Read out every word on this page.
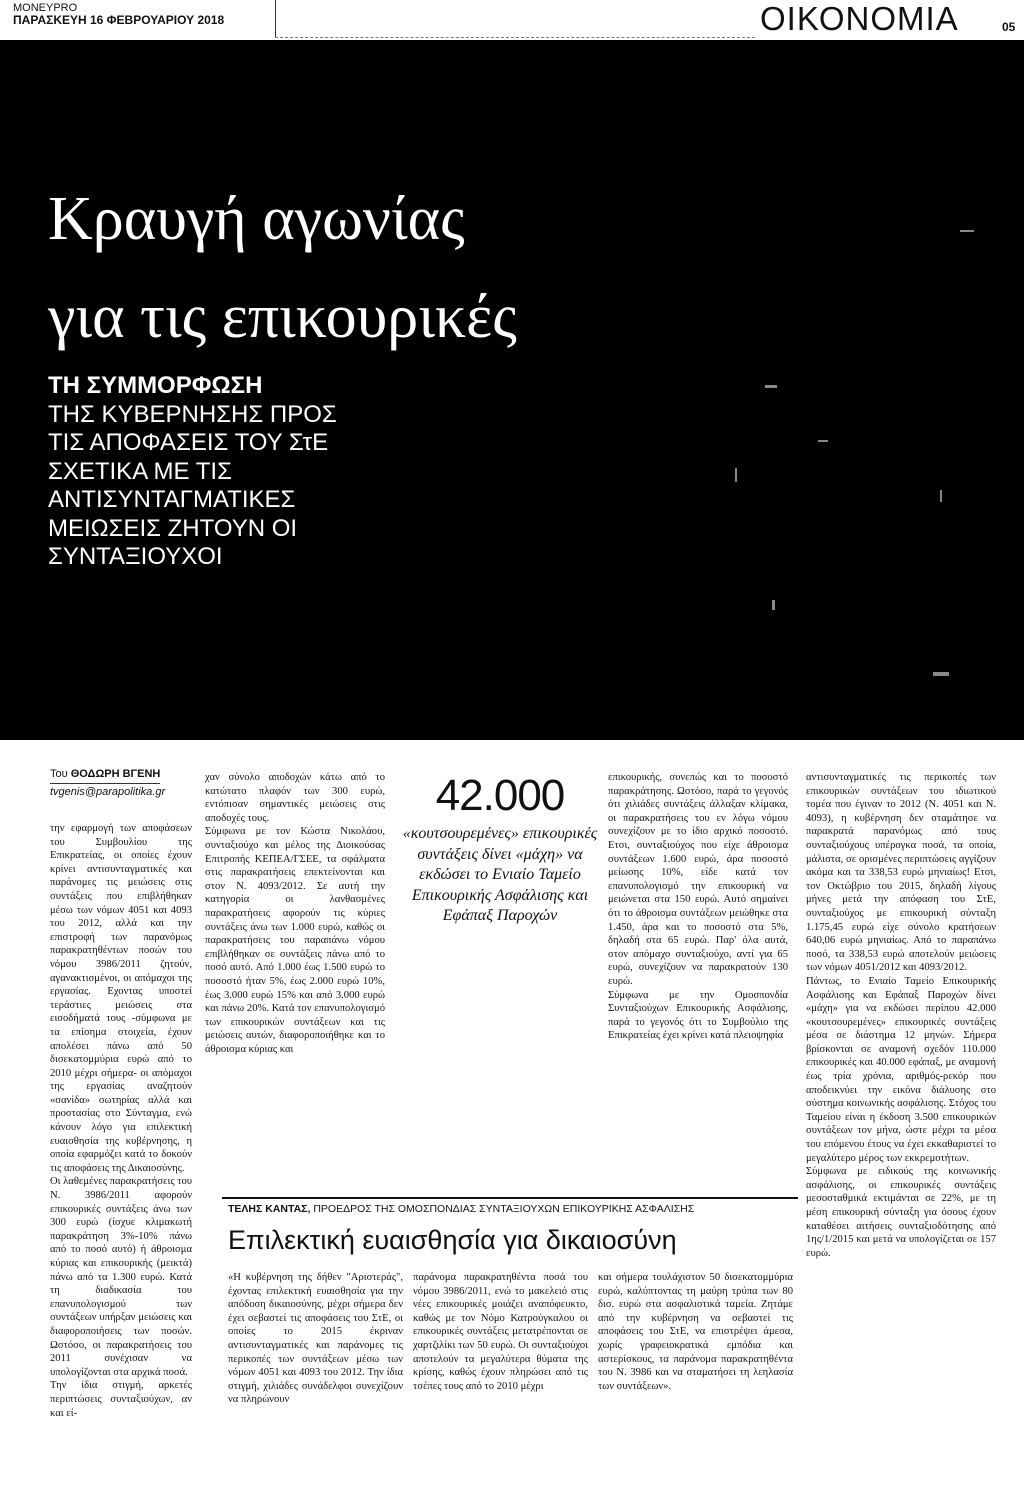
MONEYPRO
ΠΑΡΑΣΚΕΥΗ 16 ΦΕΒΡΟΥΑΡΙΟΥ 2018	ΟΙΚΟΝΟΜΙΑ	05
Κραυγή αγωνίας
για τις επικουρικές
ΤΗ ΣΥΜΜΟΡΦΩΣΗ
ΤΗΣ ΚΥΒΕΡΝΗΣΗΣ ΠΡΟΣ ΤΙΣ ΑΠΟΦΑΣΕΙΣ ΤΟΥ ΣτΕ ΣΧΕΤΙΚΑ ΜΕ ΤΙΣ ΑΝΤΙΣΥΝΤΑΓΜΑΤΙΚΕΣ ΜΕΙΩΣΕΙΣ ΖΗΤΟΥΝ ΟΙ ΣΥΝΤΑΞΙΟΥΧΟΙ
Του ΘΟΔΩΡΗ ΒΓΕΝΗ
tvgenis@parapolitika.gr

την εφαρμογή των αποφάσεων του Συμβουλίου της Επικρατείας, οι οποίες έχουν κρίνει αντισυνταγματικές και παράνομες τις μειώσεις στις συντάξεις που επιβλήθηκαν μέσω των νόμων 4051 και 4093 του 2012, αλλά και την επιστροφή των παρανόμως παρακρατηθέντων ποσών του νόμου 3986/2011 ζητούν, αγανακτισμένοι, οι απόμαχοι της εργασίας. Εχοντας υποστεί τεράστιες μειώσεις στα εισοδήματά τους -σύμφωνα με τα επίσημα στοιχεία, έχουν απολέσει πάνω από 50 δισεκατομμύρια ευρώ από το 2010 μέχρι σήμερα- οι απόμαχοι της εργασίας αναζητούν «σανίδα» σωτηρίας αλλά και προστασίας στο Σύνταγμα, ενώ κάνουν λόγο για επιλεκτική ευαισθησία της κυβέρνησης, η οποία εφαρμόζει κατά το δοκούν τις αποφάσεις της Δικαιοσύνης.

Οι λαθεμένες παρακρατήσεις του Ν. 3986/2011 αφορούν επικουρικές συντάξεις άνω των 300 ευρώ (ίσχυε κλιμακωτή παρακράτηση 3%-10% πάνω από το ποσό αυτό) ή άθροισμα κύριας και επικουρικής (μεικτά) πάνω από τα 1.300 ευρώ. Κατά τη διαδικασία του επανυπολογισμού των συντάξεων υπήρξαν μειώσεις και διαφοροποιήσεις των ποσών. Ωστόσο, οι παρακρατήσεις του 2011 συνέχισαν να υπολογίζονται στα αρχικά ποσά.

Την ίδια στιγμή, αρκετές περιπτώσεις συνταξιούχων, αν και εί-

χαν σύνολο αποδοχών κάτω από το κατώτατο πλαφόν των 300 ευρώ, εντόπισαν σημαντικές μειώσεις στις αποδοχές τους.

Σύμφωνα με τον Κώστα Νικολάου, συνταξιούχο και μέλος της Διοικούσας Επιτροπής ΚΕΠΕΑ/ΓΣΕΕ, τα σφάλματα στις παρακρατήσεις επεκτείνονται και στον Ν. 4093/2012. Σε αυτή την κατηγορία οι λανθασμένες παρακρατήσεις αφορούν τις κύριες συντάξεις άνω των 1.000 ευρώ, καθώς οι παρακρατήσεις του παραπάνω νόμου επιβλήθηκαν σε συντάξεις πάνω από το ποσό αυτό. Από 1.000 έως 1.500 ευρώ το ποσοστό ήταν 5%, έως 2.000 ευρώ 10%, έως 3.000 ευρώ 15% και από 3.000 ευρώ και πάνω 20%. Κατά τον επανυπολογισμό των επικουρικών συντάξεων και τις μειώσεις αυτών, διαφοροποιήθηκε και το άθροισμα κύριας και

42.000
«κουτσουρεμένες» επικουρικές συντάξεις δίνει «μάχη» να εκδώσει το Ενιαίο Ταμείο Επικουρικής Ασφάλισης και Εφάπαξ Παροχών

επικουρικής, συνεπώς και το ποσοστό παρακράτησης. Ωστόσο, παρά το γεγονός ότι χιλιάδες συντάξεις άλλαξαν κλίμακα, οι παρακρατήσεις του εν λόγω νόμου συνεχίζουν με το ίδιο αρχικό ποσοστό. Ετσι, συνταξιούχος που είχε άθροισμα συντάξεων 1.600 ευρώ, άρα ποσοστό μείωσης 10%, είδε κατά τον επανυπολογισμό την επικουρική να μειώνεται στα 150 ευρώ. Αυτό σημαίνει ότι το άθροισμα συντάξεων μειώθηκε στα 1.450, άρα και το ποσοστό στα 5%, δηλαδή στα 65 ευρώ. Παρ' όλα αυτά, στον απόμαχο συνταξιούχο, αντί για 65 ευρώ, συνεχίζουν να παρακρατούν 130 ευρώ.

Σύμφωνα με την Ομοσπονδία Συνταξιούχων Επικουρικής Ασφάλισης, παρά το γεγονός ότι το Συμβούλιο της Επικρατείας έχει κρίνει κατά πλειοψηφία

αντισυνταγματικές τις περικοπές των επικουρικών συντάξεων του ιδιωτικού τομέα που έγιναν το 2012 (Ν. 4051 και Ν. 4093), η κυβέρνηση δεν σταμάτησε να παρακρατά παρανόμως από τους συνταξιούχους υπέρογκα ποσά, τα οποία, μάλιστα, σε ορισμένες περιπτώσεις αγγίζουν ακόμα και τα 338,53 ευρώ μηνιαίως! Ετσι, τον Οκτώβριο του 2015, δηλαδή λίγους μήνες μετά την απόφαση του ΣτΕ, συνταξιούχος με επικουρική σύνταξη 1.175,45 ευρώ είχε σύνολο κρατήσεων 640,06 ευρώ μηνιαίως. Από το παραπάνω ποσό, τα 338,53 ευρώ αποτελούν μειώσεις των νόμων 4051/2012 και 4093/2012.

Πάντως, το Ενιαίο Ταμείο Επικουρικής Ασφάλισης και Εφάπαξ Παροχών δίνει «μάχη» για να εκδώσει περίπου 42.000 «κουτσουρεμένες» επικουρικές συντάξεις μέσα σε διάστημα 12 μηνών. Σήμερα βρίσκονται σε αναμονή σχεδόν 110.000 επικουρικές και 40.000 εφάπαξ, με αναμονή έως τρία χρόνια, αριθμός-ρεκόρ που αποδεικνύει την εικόνα διάλυσης στο σύστημα κοινωνικής ασφάλισης. Στόχος του Ταμείου είναι η έκδοση 3.500 επικουρικών συντάξεων τον μήνα, ώστε μέχρι τα μέσα του επόμενου έτους να έχει εκκαθαριστεί το μεγαλύτερο μέρος των εκκρεμοτήτων.

Σύμφωνα με ειδικούς της κοινωνικής ασφάλισης, οι επικουρικές συντάξεις μεσοσταθμικά εκτιμάνται σε 22%, με τη μέση επικουρική σύνταξη για όσους έχουν καταθέσει αιτήσεις συνταξιοδότησης από 1ης/1/2015 και μετά να υπολογίζεται σε 157 ευρώ.

ΤΕΛΗΣ ΚΑΝΤΑΣ, ΠΡΟΕΔΡΟΣ ΤΗΣ ΟΜΟΣΠΟΝΔΙΑΣ ΣΥΝΤΑΞΙΟΥΧΩΝ ΕΠΙΚΟΥΡΙΚΗΣ ΑΣΦΑΛΙΣΗΣ
Επιλεκτική ευαισθησία για δικαιοσύνη

«Η κυβέρνηση της δήθεν "Αριστεράς", έχοντας επιλεκτική ευαισθησία για την απόδοση δικαιοσύνης, μέχρι σήμερα δεν έχει σεβαστεί τις αποφάσεις του ΣτΕ, οι οποίες το 2015 έκριναν αντισυνταγματικές και παράνομες τις περικοπές των συντάξεων μέσω των νόμων 4051 και 4093 του 2012. Την ίδια στιγμή, χιλιάδες συνάδελφοι συνεχίζουν να πληρώνουν

παράνομα παρακρατηθέντα ποσά του νόμου 3986/2011, ενώ το μακελειό στις νέες επικουρικές μοιάζει αναπόφευκτο, καθώς με τον Νόμο Κατρούγκαλου οι επικουρικές συντάξεις μετατρέπονται σε χαρτζιλίκι των 50 ευρώ. Οι συνταξιούχοι αποτελούν τα μεγαλύτερα θύματα της κρίσης, καθώς έχουν πληρώσει από τις τσέπες τους από το 2010 μέχρι

και σήμερα τουλάχιστον 50 δισεκατομμύρια ευρώ, καλύπτοντας τη μαύρη τρύπα των 80 δισ. ευρώ στα ασφαλιστικά ταμεία. Ζητάμε από την κυβέρνηση να σεβαστεί τις αποφάσεις του ΣτΕ, να επιστρέψει άμεσα, χωρίς γραφειοκρατικά εμπόδια και αστερίσκους, τα παράνομα παρακρατηθέντα του Ν. 3986 και να σταματήσει τη λεηλασία των συντάξεων».
